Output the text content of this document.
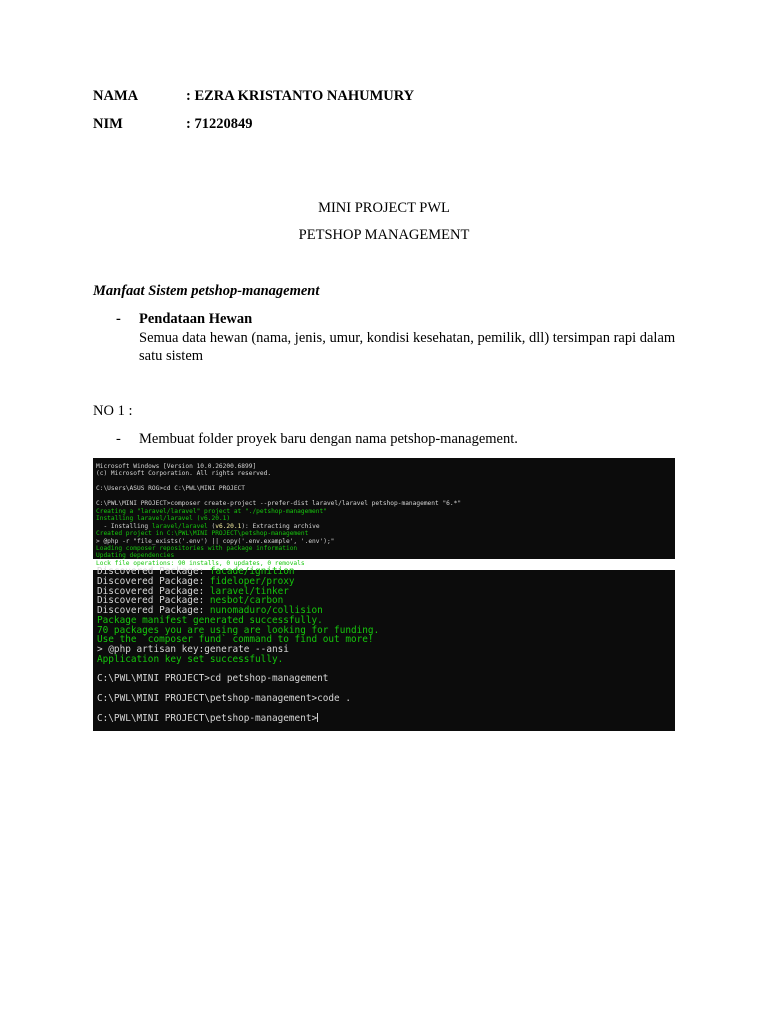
NAMA	: EZRA KRISTANTO NAHUMURY
NIM	: 71220849
MINI PROJECT PWL
PETSHOP MANAGEMENT
Manfaat Sistem petshop-management
- Pendataan Hewan
Semua data hewan (nama, jenis, umur, kondisi kesehatan, pemilik, dll) tersimpan rapi dalam satu sistem
NO 1 :
- Membuat folder proyek baru dengan nama petshop-management.
Microsoft Windows [Version 10.0.26200.6899]
(c) Microsoft Corporation. All rights reserved.

C:\Users\ASUS ROG>cd C:\PWL\MINI PROJECT

C:\PWL\MINI PROJECT>composer create-project --prefer-dist laravel/laravel petshop-management "6.*"
Creating a "laravel/laravel" project at "./petshop-management"
Installing laravel/laravel (v6.20.1)
- Installing laravel/laravel (v6.20.1): Extracting archive
Created project in C:\PWL\MINI PROJECT\petshop-management
> @php -r "file_exists('.env') || copy('.env.example', '.env');"
Loading composer repositories with package information
Updating dependencies
Lock file operations: 90 installs, 0 updates, 0 removals
Discovered Package: facade/ignition
Discovered Package: fideloper/proxy
Discovered Package: laravel/tinker
Discovered Package: nesbot/carbon
Discovered Package: nunomaduro/collision
Package manifest generated successfully.
70 packages you are using are looking for funding.
Use the `composer fund` command to find out more!
> @php artisan key:generate --ansi
Application key set successfully.

C:\PWL\MINI PROJECT>cd petshop-management

C:\PWL\MINI PROJECT\petshop-management>code .

C:\PWL\MINI PROJECT\petshop-management>
